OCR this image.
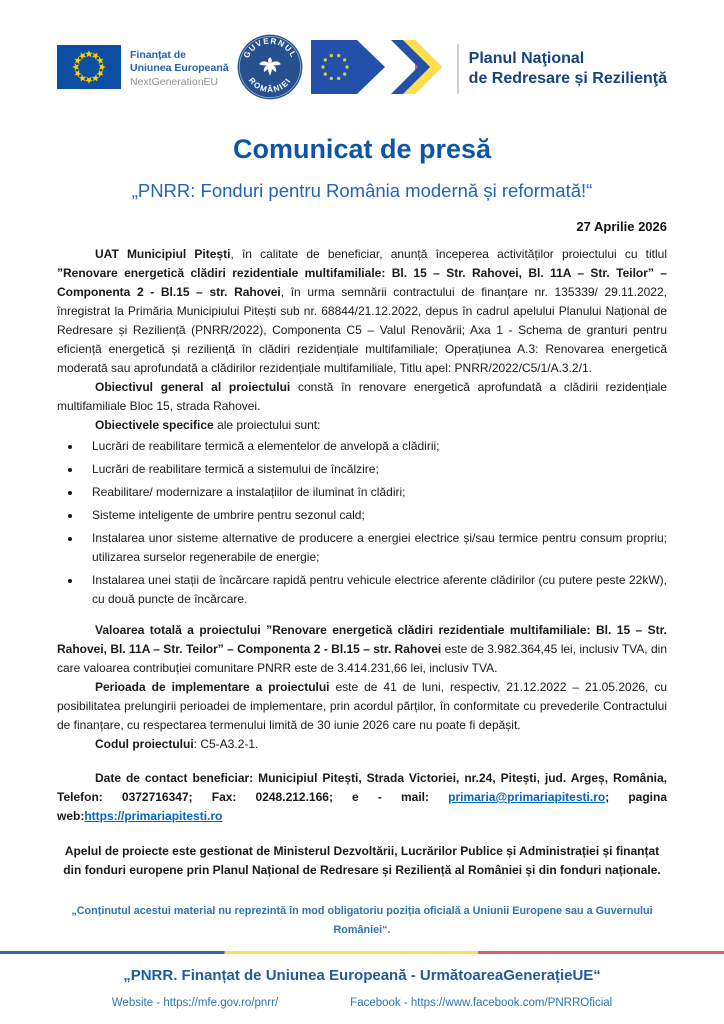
Finanțat de
Uniunea Europeană
NextGenerationEU
GUVERNUL
ROMÂNIEI
Planul Naţional
de Redresare și Rezilienţă
Comunicat de presă
„PNRR: Fonduri pentru România modernă și reformată!“
27 Aprilie 2026

UAT Municipiul Pitești, în calitate de beneficiar, anunță începerea activităților proiectului cu titlul ”Renovare energetică clădiri rezidentiale multifamiliale: Bl. 15 – Str. Rahovei, Bl. 11A – Str. Teilor” – Componenta 2 - Bl.15 – str. Rahovei, în urma semnării contractului de finanțare nr. 135339/ 29.11.2022, înregistrat la Primăria Municipiului Pitești sub nr. 68844/21.12.2022, depus în cadrul apelului Planului Național de Redresare și Reziliență (PNRR/2022), Componenta C5 – Valul Renovării; Axa 1 - Schema de granturi pentru eficiență energetică și reziliență în clădiri rezidențiale multifamiliale; Operațiunea A.3: Renovarea energetică moderată sau aprofundată a clădirilor rezidențiale multifamiliale, Titlu apel: PNRR/2022/C5/1/A.3.2/1.

Obiectivul general al proiectului constă în renovare energetică aprofundată a clădirii rezidențiale multifamiliale Bloc 15, strada Rahovei.

Obiectivele specifice ale proiectului sunt:

• Lucrări de reabilitare termică a elementelor de anvelopă a clădirii;
• Lucrări de reabilitare termică a sistemului de încălzire;
• Reabilitare/ modernizare a instalațiilor de iluminat în clădiri;
• Sisteme inteligente de umbrire pentru sezonul cald;
• Instalarea unor sisteme alternative de producere a energiei electrice și/sau termice pentru consum propriu; utilizarea surselor regenerabile de energie;
• Instalarea unei stații de încărcare rapidă pentru vehicule electrice aferente clădirilor (cu putere peste 22kW), cu două puncte de încărcare.

Valoarea totală a proiectului ”Renovare energetică clădiri rezidentiale multifamiliale: Bl. 15 – Str. Rahovei, Bl. 11A – Str. Teilor” – Componenta 2 - Bl.15 – str. Rahovei este de 3.982.364,45 lei, inclusiv TVA, din care valoarea contribuției comunitare PNRR este de 3.414.231,66 lei, inclusiv TVA.

Perioada de implementare a proiectului este de 41 de luni, respectiv, 21.12.2022 – 21.05.2026, cu posibilitatea prelungirii perioadei de implementare, prin acordul părților, în conformitate cu prevederile Contractului de finanțare, cu respectarea termenului limită de 30 iunie 2026 care nu poate fi depășit.

Codul proiectului: C5-A3.2-1.

Date de contact beneficiar: Municipiul Pitești, Strada Victoriei, nr.24, Pitești, jud. Argeș, România, Telefon: 0372716347; Fax: 0248.212.166; e - mail: primaria@primariapitesti.ro; pagina web:https://primariapitesti.ro

Apelul de proiecte este gestionat de Ministerul Dezvoltării, Lucrărilor Publice și Administrației și finanțat din fonduri europene prin Planul Național de Redresare și Reziliență al României și din fonduri naționale.

„Conținutul acestui material nu reprezintă în mod obligatoriu poziția oficială a Uniunii Europene sau a Guvernului României“.

„PNRR. Finanțat de Uniunea Europeană - UrmătoareaGenerațieUE“
Website - https://mfe.gov.ro/pnrr/	Facebook - https://www.facebook.com/PNRROficial
